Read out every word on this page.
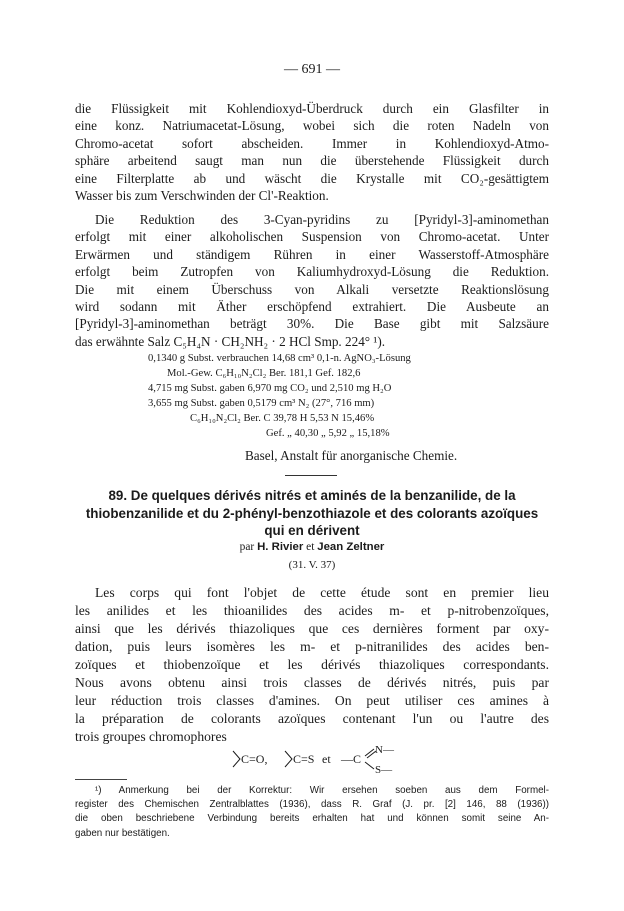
— 691 —

die Flüssigkeit mit Kohlendioxyd-Überdruck durch ein Glasfilter in
eine konz. Natriumacetat-Lösung, wobei sich die roten Nadeln von
Chromo-acetat sofort abscheiden. Immer in Kohlendioxyd-Atmo-
sphäre arbeitend saugt man nun die überstehende Flüssigkeit durch
eine Filterplatte ab und wäscht die Krystalle mit CO₂-gesättigtem
Wasser bis zum Verschwinden der Cl'-Reaktion.

Die Reduktion des 3-Cyan-pyridins zu [Pyridyl-3]-aminomethan
erfolgt mit einer alkoholischen Suspension von Chromo-acetat. Unter
Erwärmen und ständigem Rühren in einer Wasserstoff-Atmosphäre
erfolgt beim Zutropfen von Kaliumhydroxyd-Lösung die Reduktion.
Die mit einem Überschuss von Alkali versetzte Reaktionslösung
wird sodann mit Äther erschöpfend extrahiert. Die Ausbeute an
[Pyridyl-3]-aminomethan beträgt 30%. Die Base gibt mit Salzsäure
das erwähnte Salz C₅H₄N · CH₂NH₂ · 2 HCl Smp. 224° ¹).

0,1340 g Subst. verbrauchen 14,68 cm³ 0,1-n. AgNO₃-Lösung
Mol.-Gew. C₆H₁₀N₂Cl₂ Ber. 181,1 Gef. 182,6
4,715 mg Subst. gaben 6,970 mg CO₂ und 2,510 mg H₂O
3,655 mg Subst. gaben 0,5179 cm³ N₂ (27°, 716 mm)
C₆H₁₀N₂Cl₂ Ber. C 39,78 H 5,53 N 15,46%
Gef. „ 40,30 „ 5,92 „ 15,18%
Basel, Anstalt für anorganische Chemie.
89. De quelques dérivés nitrés et aminés de la benzanilide, de la
thiobenzanilide et du 2-phényl-benzothiazole et des colorants azoïques
qui en dérivent
par H. Rivier et Jean Zeltner
(31. V. 37)

Les corps qui font l'objet de cette étude sont en premier lieu
les anilides et les thioanilides des acides m- et p-nitrobenzoïques,
ainsi que les dérivés thiazoliques que ces dernières forment par oxy-
dation, puis leurs isomères les m- et p-nitranilides des acides ben-
zoïques et thiobenzoïque et les dérivés thiazoliques correspondants.
Nous avons obtenu ainsi trois classes de dérivés nitrés, puis par
leur réduction trois classes d'amines. On peut utiliser ces amines à
la préparation de colorants azoïques contenant l'un ou l'autre des
trois groupes chromophores

C=O, C=S et —C
N—
S—
¹) Anmerkung bei der Korrektur: Wir ersehen soeben aus dem Formel-
register des Chemischen Zentralblattes (1936), dass R. Graf (J. pr. [2] 146, 88 (1936))
die oben beschriebene Verbindung bereits erhalten hat und können somit seine An-
gaben nur bestätigen.
